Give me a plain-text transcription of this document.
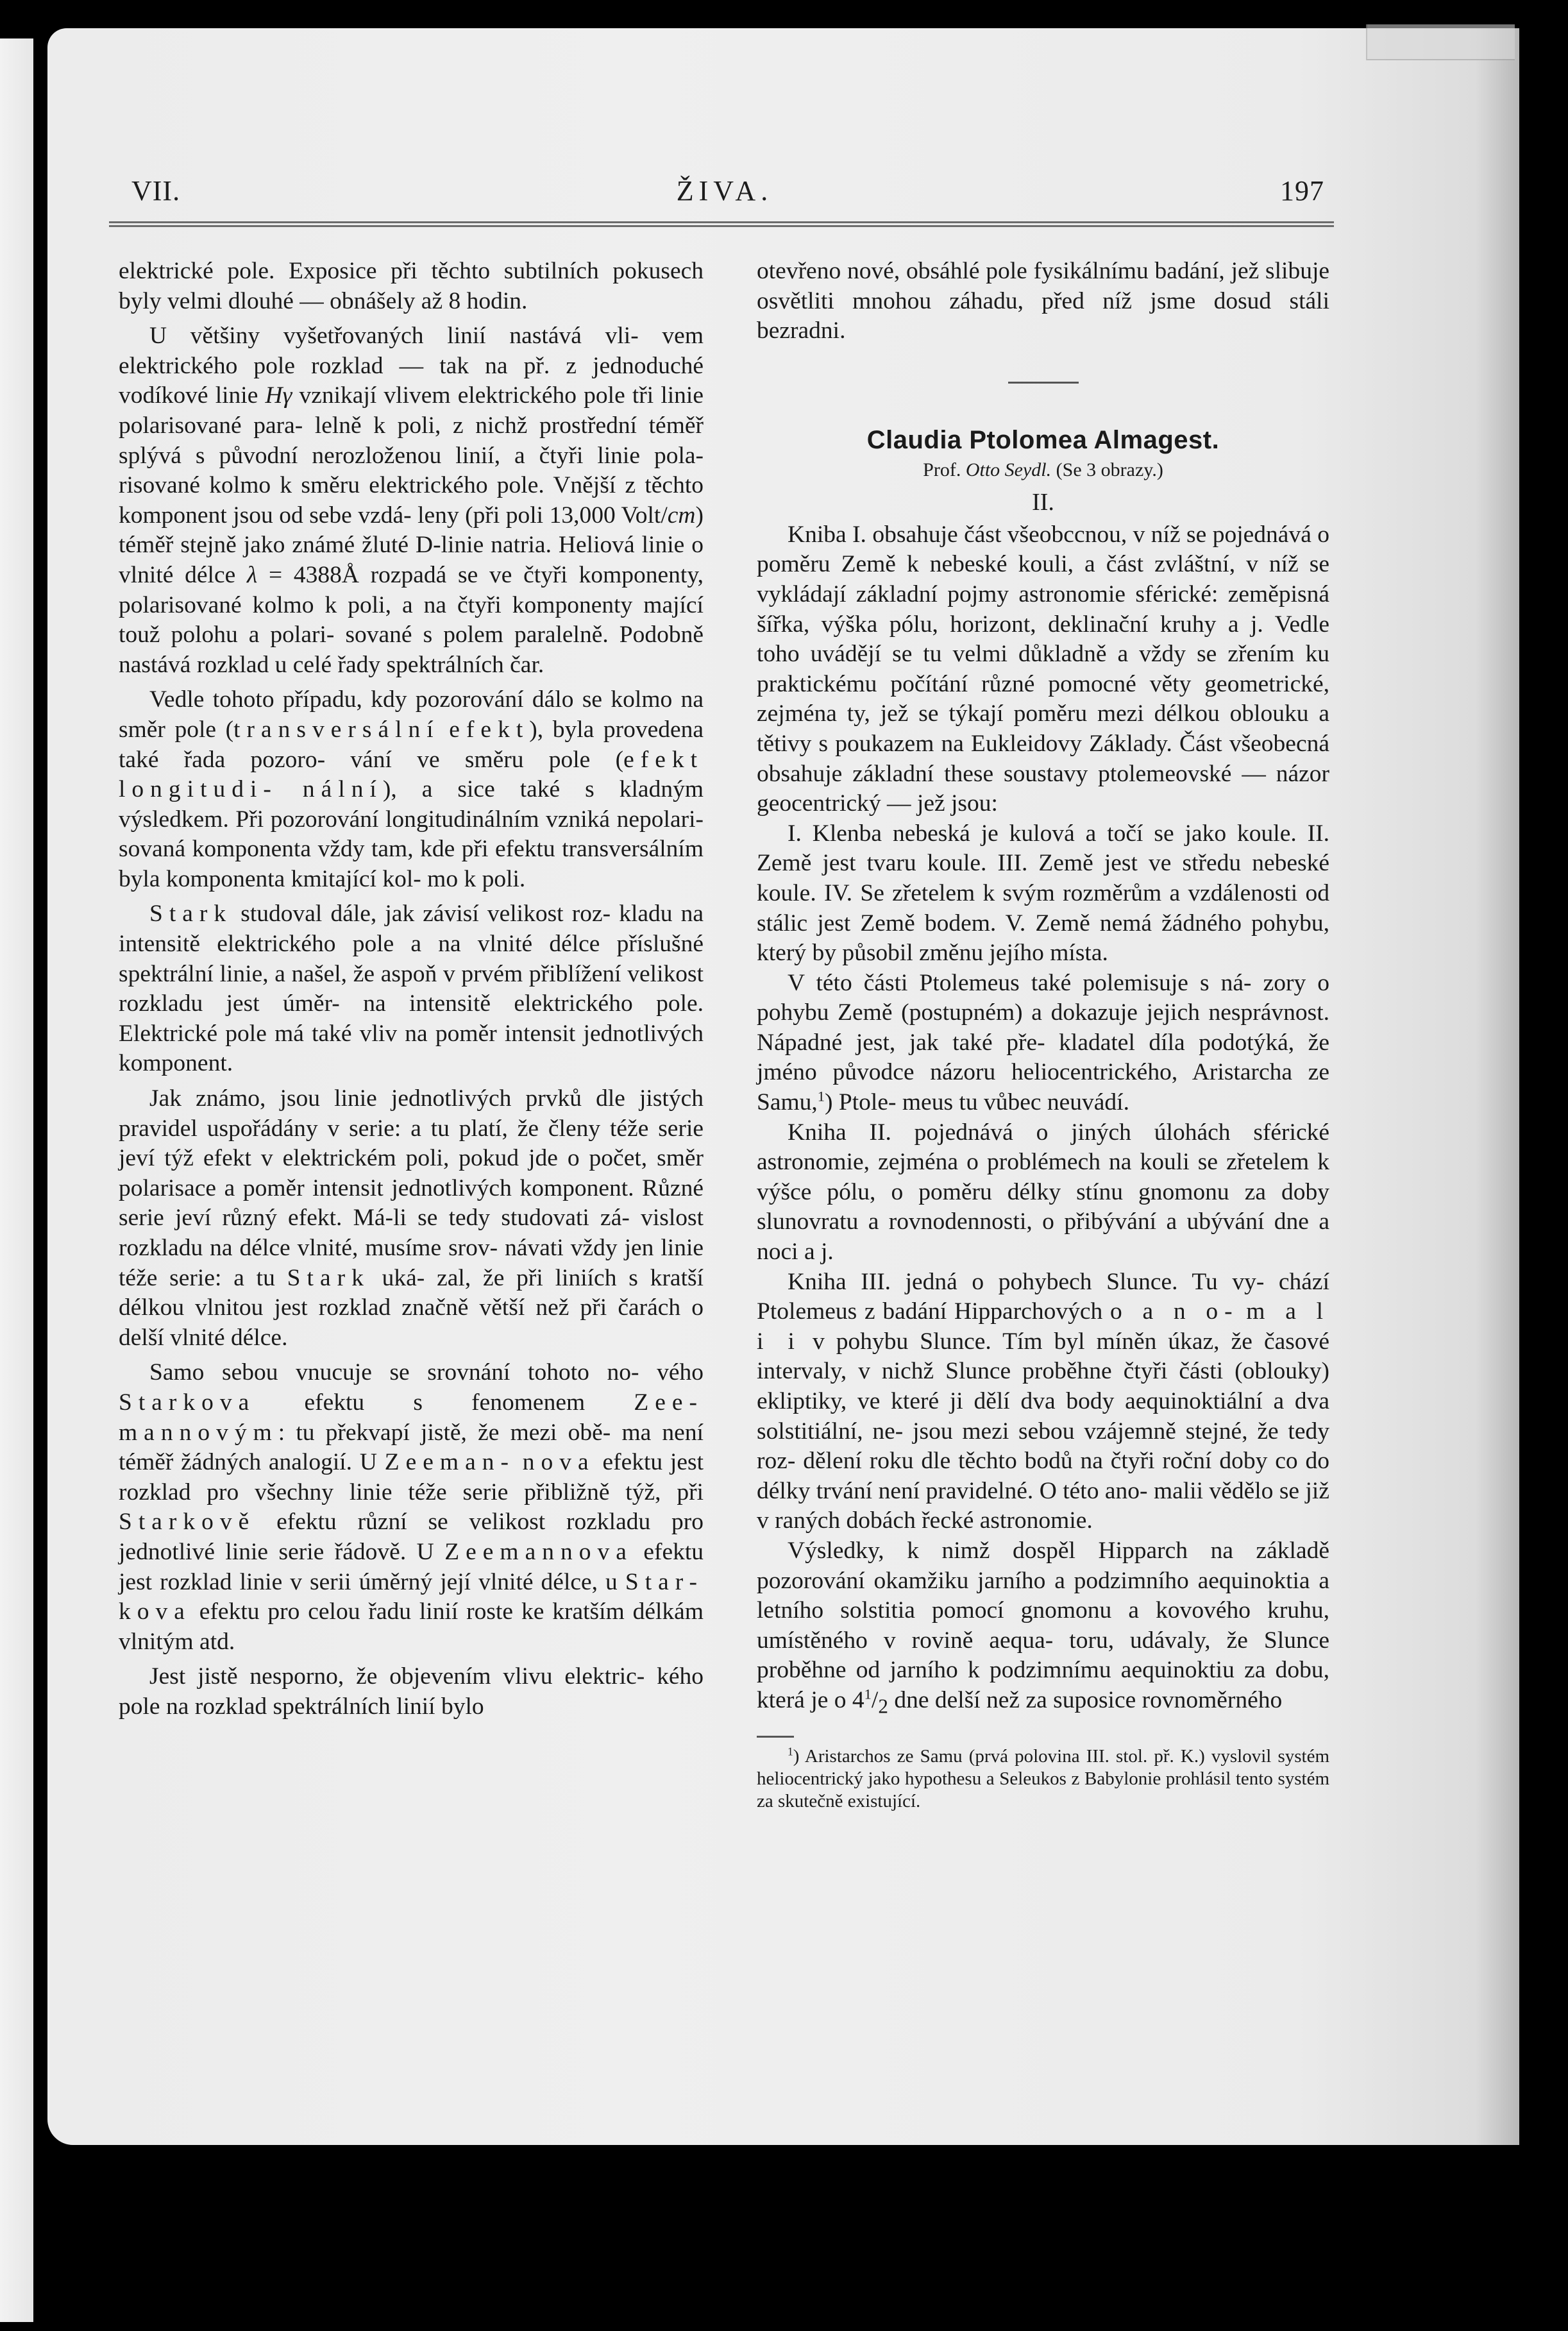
VII.	ŽIVA.	197

elektrické pole. Exposice při těchto subtilních pokusech byly velmi dlouhé — obnášely až 8 hodin.

U většiny vyšetřovaných linií nastává vli- vem elektrického pole rozklad — tak na př. z jednoduché vodíkové linie Hγ vznikají vlivem elektrického pole tři linie polarisované para- lelně k poli, z nichž prostřední téměř splývá s původní nerozloženou linií, a čtyři linie pola- risované kolmo k směru elektrického pole. Vnější z těchto komponent jsou od sebe vzdá- leny (při poli 13,000 Volt/cm) téměř stejně jako známé žluté D-linie natria. Heliová linie o vlnité délce λ = 4388Å rozpadá se ve čtyři komponenty, polarisované kolmo k poli, a na čtyři komponenty mající touž polohu a polari- sované s polem paralelně. Podobně nastává rozklad u celé řady spektrálních čar.

Vedle tohoto případu, kdy pozorování dálo se kolmo na směr pole (transversální efekt), byla provedena také řada pozoro- vání ve směru pole (efekt longitudi- nální), a sice také s kladným výsledkem. Při pozorování longitudinálním vzniká nepolari- sovaná komponenta vždy tam, kde při efektu transversálním byla komponenta kmitající kol- mo k poli.

Stark studoval dále, jak závisí velikost roz- kladu na intensitě elektrického pole a na vlnité délce příslušné spektrální linie, a našel, že aspoň v prvém přiblížení velikost rozkladu jest úměr- na intensitě elektrického pole. Elektrické pole má také vliv na poměr intensit jednotlivých komponent.

Jak známo, jsou linie jednotlivých prvků dle jistých pravidel uspořádány v serie: a tu platí, že členy téže serie jeví týž efekt v elektrickém poli, pokud jde o počet, směr polarisace a poměr intensit jednotlivých komponent. Různé serie jeví různý efekt. Má-li se tedy studovati zá- vislost rozkladu na délce vlnité, musíme srov- návati vždy jen linie téže serie: a tu Stark uká- zal, že při liniích s kratší délkou vlnitou jest rozklad značně větší než při čarách o delší vlnité délce.

Samo sebou vnucuje se srovnání tohoto no- vého Starkova efektu s fenomenem Zee- mannovým: tu překvapí jistě, že mezi obě- ma není téměř žádných analogií. U Zeeman- nova efektu jest rozklad pro všechny linie téže serie přibližně týž, při Starkově efektu různí se velikost rozkladu pro jednotlivé linie serie řádově. U Zeemannova efektu jest rozklad linie v serii úměrný její vlnité délce, u Star- kova efektu pro celou řadu linií roste ke kratším délkám vlnitým atd.

Jest jistě nesporno, že objevením vlivu elektric- kého pole na rozklad spektrálních linií bylo

otevřeno nové, obsáhlé pole fysikálnímu badání, jež slibuje osvětliti mnohou záhadu, před níž jsme dosud stáli bezradni.

Claudia Ptolomea Almagest.
Prof. Otto Seydl. (Se 3 obrazy.)
II.

Kniba I. obsahuje část všeobccnou, v níž se pojednává o poměru Země k nebeské kouli, a část zvláštní, v níž se vykládají základní pojmy astronomie sférické: zeměpisná šířka, výška pólu, horizont, deklinační kruhy a j. Vedle toho uvádějí se tu velmi důkladně a vždy se zřením ku praktickému počítání různé pomocné věty geometrické, zejména ty, jež se týkají poměru mezi délkou oblouku a tětivy s poukazem na Eukleidovy Základy. Část všeobecná obsahuje základní these soustavy ptolemeovské — názor geocentrický — jež jsou:

I. Klenba nebeská je kulová a točí se jako koule. II. Země jest tvaru koule. III. Země jest ve středu nebeské koule. IV. Se zřetelem k svým rozměrům a vzdálenosti od stálic jest Země bodem. V. Země nemá žádného pohybu, který by působil změnu jejího místa.

V této části Ptolemeus také polemisuje s ná- zory o pohybu Země (postupném) a dokazuje jejich nesprávnost. Nápadné jest, jak také pře- kladatel díla podotýká, že jméno původce názoru heliocentrického, Aristarcha ze Samu,$^1$) Ptole- meus tu vůbec neuvádí.

Kniha II. pojednává o jiných úlohách sférické astronomie, zejména o problémech na kouli se zřetelem k výšce pólu, o poměru délky stínu gnomonu za doby slunovratu a rovnodennosti, o přibývání a ubývání dne a noci a j.

Kniha III. jedná o pohybech Slunce. Tu vy- chází Ptolemeus z badání Hipparchových o a n o- m a l i i v pohybu Slunce. Tím byl míněn úkaz, že časové intervaly, v nichž Slunce proběhne čtyři části (oblouky) ekliptiky, ve které ji dělí dva body aequinoktiální a dva solstitiální, ne- jsou mezi sebou vzájemně stejné, že tedy roz- dělení roku dle těchto bodů na čtyři roční doby co do délky trvání není pravidelné. O této ano- malii vědělo se již v raných dobách řecké astronomie.

Výsledky, k nimž dospěl Hipparch na základě pozorování okamžiku jarního a podzimního aequinoktia a letního solstitia pomocí gnomonu a kovového kruhu, umístěného v rovině aequa- toru, udávaly, že Slunce proběhne od jarního k podzimnímu aequinoktiu za dobu, která je o $4^1/_2$ dne delší než za suposice rovnoměrného

$^1$) Aristarchos ze Samu (prvá polovina III. stol. př. K.) vyslovil systém heliocentrický jako hypothesu a Seleukos z Babylonie prohlásil tento systém za skutečně existující.
